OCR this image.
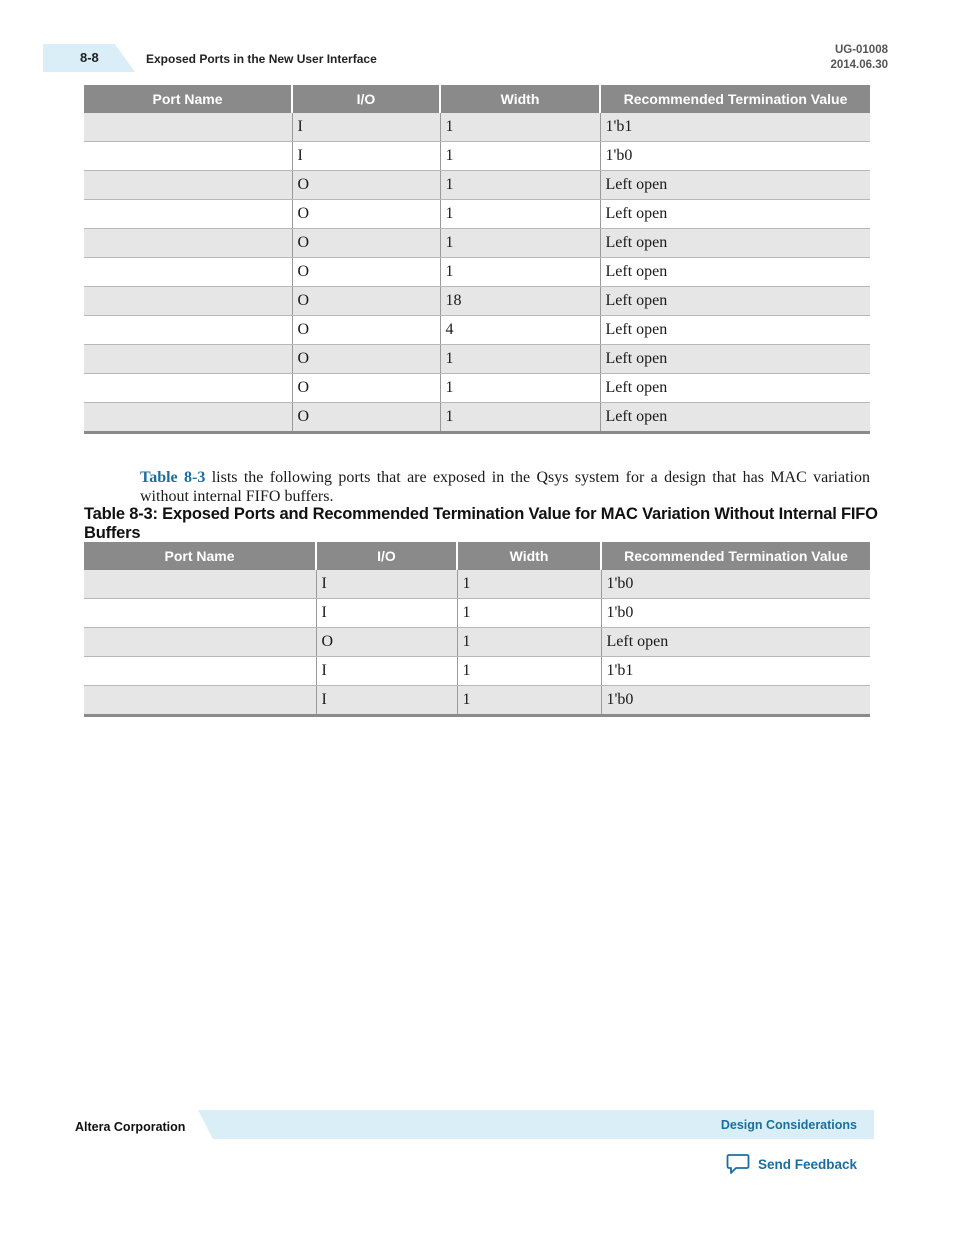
8-8	Exposed Ports in the New User Interface
UG-01008
2014.06.30
Port Name	I/O	Width	Recommended Termination Value
	I	1	1'b1
	I	1	1'b0
	O	1	Left open
	O	1	Left open
	O	1	Left open
	O	1	Left open
	O	18	Left open
	O	4	Left open
	O	1	Left open
	O	1	Left open
	O	1	Left open

Table 8-3 lists the following ports that are exposed in the Qsys system for a design that has MAC variation without internal FIFO buffers.

Table 8-3: Exposed Ports and Recommended Termination Value for MAC Variation Without Internal FIFO Buffers
Port Name	I/O	Width	Recommended Termination Value
	I	1	1'b0
	I	1	1'b0
	O	1	Left open
	I	1	1'b1
	I	1	1'b0
Altera Corporation	Design Considerations
Send Feedback
